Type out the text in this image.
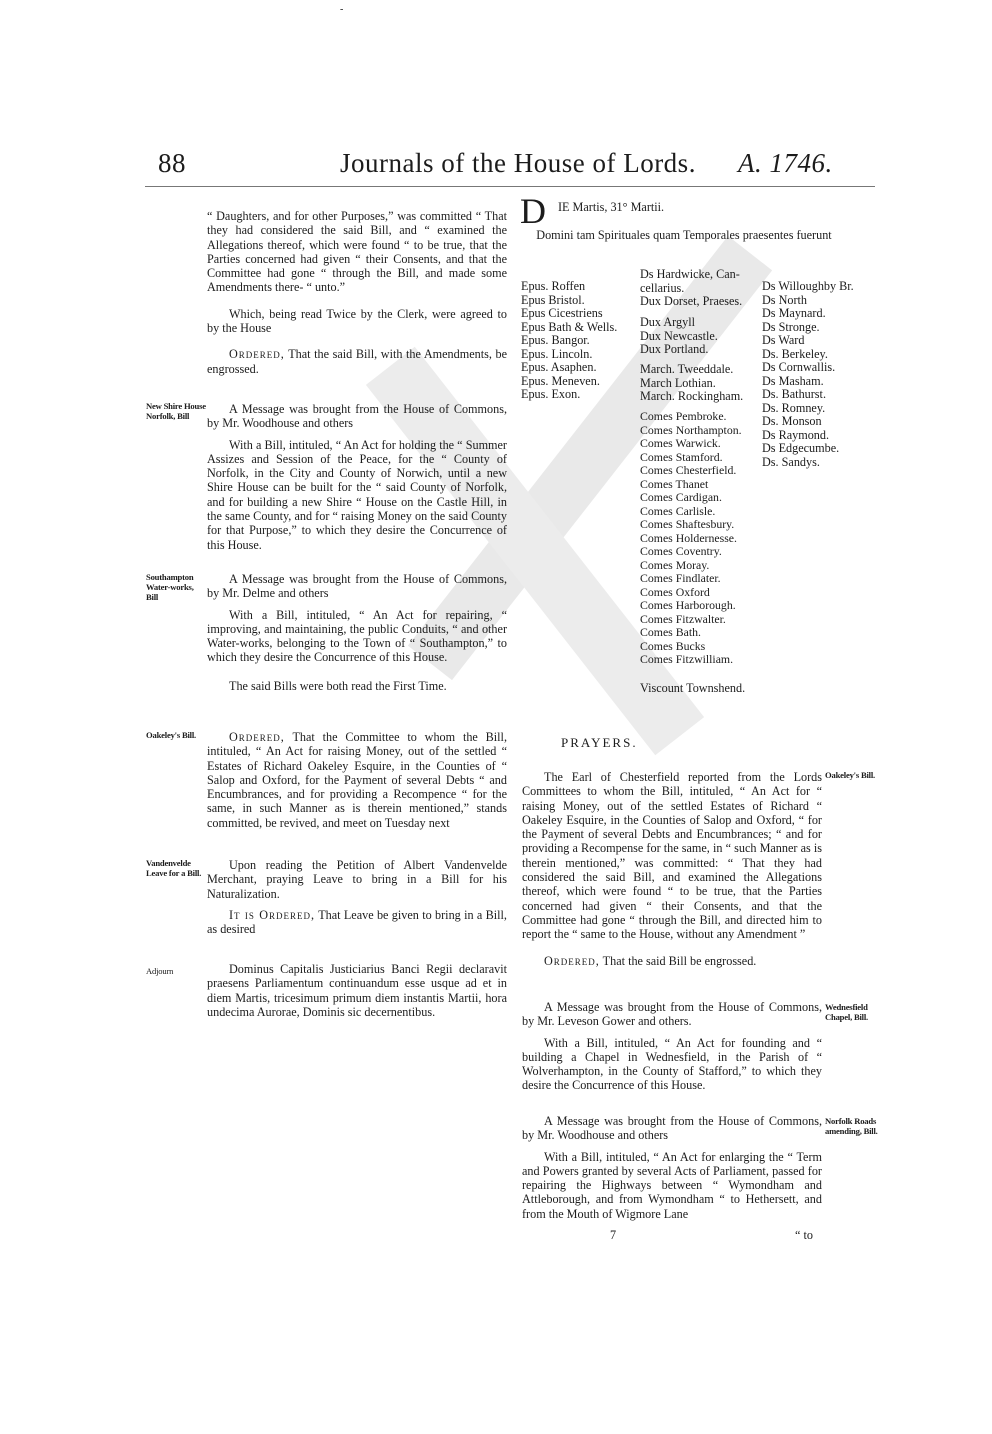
-
88	Journals of the House of Lords. A. 1746.

“ Daughters, and for other Purposes,” was committed “ That they had considered the said Bill, and “ examined the Allegations thereof, which were found “ to be true, that the Parties concerned had given “ their Consents, and that the Committee had gone “ through the Bill, and made some Amendments there- “ unto.”

Which, being read Twice by the Clerk, were agreed to by the House

Ordered, That the said Bill, with the Amendments, be engrossed.

New Shire House Norfolk, Bill	A Message was brought from the House of Commons, by Mr. Woodhouse and others

With a Bill, intituled, “ An Act for holding the “ Summer Assizes and Session of the Peace, for the “ County of Norfolk, in the City and County of Norwich, until a new Shire House can be built for the “ said County of Norfolk, and for building a new Shire “ House on the Castle Hill, in the same County, and for “ raising Money on the said County for that Purpose,” to which they desire the Concurrence of this House.

Southampton Water-works, Bill

A Message was brought from the House of Commons, by Mr. Delme and others

With a Bill, intituled, “ An Act for repairing, “ improving, and maintaining, the public Conduits, “ and other Water-works, belonging to the Town of “ Southampton,” to which they desire the Concurrence of this House.

The said Bills were both read the First Time.

Oakeley's Bill.	Ordered, That the Committee to whom the Bill, intituled, “ An Act for raising Money, out of the settled “ Estates of Richard Oakeley Esquire, in the Counties of “ Salop and Oxford, for the Payment of several Debts “ and Encumbrances, and for providing a Recompence “ for the same, in such Manner as is therein mentioned,” stands committed, be revived, and meet on Tuesday next

Vandenvelde Leave for a Bill.

Upon reading the Petition of Albert Vandenvelde Merchant, praying Leave to bring in a Bill for his Naturalization.

It is Ordered, That Leave be given to bring in a Bill, as desired

Adjourn	Dominus Capitalis Justiciarius Banci Regii declaravit praesens Parliamentum continuandum esse usque ad et in diem Martis, tricesimum primum diem instantis Martii, hora undecima Aurorae, Dominis sic decernentibus.

D IE Martis, 31° Martii.
Domini tam Spirituales quam Temporales praesentes fuerunt
Epus. Roffen
Epus Bristol.
Epus Cicestriens
Epus Bath & Wells.
Epus. Bangor.
Epus. Lincoln.
Epus. Asaphen.
Epus. Meneven.
Epus. Exon.
Ds Hardwicke, Can-
cellarius.
Dux Dorset, Praeses.
Dux Argyll
Dux Newcastle.
Dux Portland.
March. Tweeddale.
March Lothian.
March. Rockingham.
Comes Pembroke.
Comes Northampton.
Comes Warwick.
Comes Stamford.
Comes Chesterfield.
Comes Thanet
Comes Cardigan.
Comes Carlisle.
Comes Shaftesbury.
Comes Holdernesse.
Comes Coventry.
Comes Moray.
Comes Findlater.
Comes Oxford
Comes Harborough.
Comes Fitzwalter.
Comes Bath.
Comes Bucks
Comes Fitzwilliam.
Viscount Townshend.
Ds Willoughby Br.
Ds North
Ds Maynard.
Ds Stronge.
Ds Ward
Ds. Berkeley.
Ds Cornwallis.
Ds Masham.
Ds. Bathurst.
Ds. Romney.
Ds. Monson
Ds Raymond.
Ds Edgecumbe.
Ds. Sandys.
PRAYERS.

The Earl of Chesterfield reported from the Lords Committees to whom the Bill, intituled, “ An Act for “ raising Money, out of the settled Estates of Richard “ Oakeley Esquire, in the Counties of Salop and Oxford, “ for the Payment of several Debts and Encumbrances; “ and for providing a Recompense for the same, in “ such Manner as is therein mentioned,” was committed: “ That they had considered the said Bill, and examined the Allegations thereof, which were found “ to be true, that the Parties concerned had given “ their Consents, and that the Committee had gone “ through the Bill, and directed him to report the “ same to the House, without any Amendment ”

Ordered, That the said Bill be engrossed.

Oakeley's Bill.

A Message was brought from the House of Commons, by Mr. Leveson Gower and others.

With a Bill, intituled, “ An Act for founding and “ building a Chapel in Wednesfield, in the Parish of “ Wolverhampton, in the County of Stafford,” to which they desire the Concurrence of this House.

Wednesfield Chapel, Bill.

A Message was brought from the House of Commons, by Mr. Woodhouse and others

With a Bill, intituled, “ An Act for enlarging the “ Term and Powers granted by several Acts of Parliament, passed for repairing the Highways between “ Wymondham and Attleborough, and from Wymondham “ to Hethersett, and from the Mouth of Wigmore Lane

Norfolk Roads amending, Bill.
7	“ to
